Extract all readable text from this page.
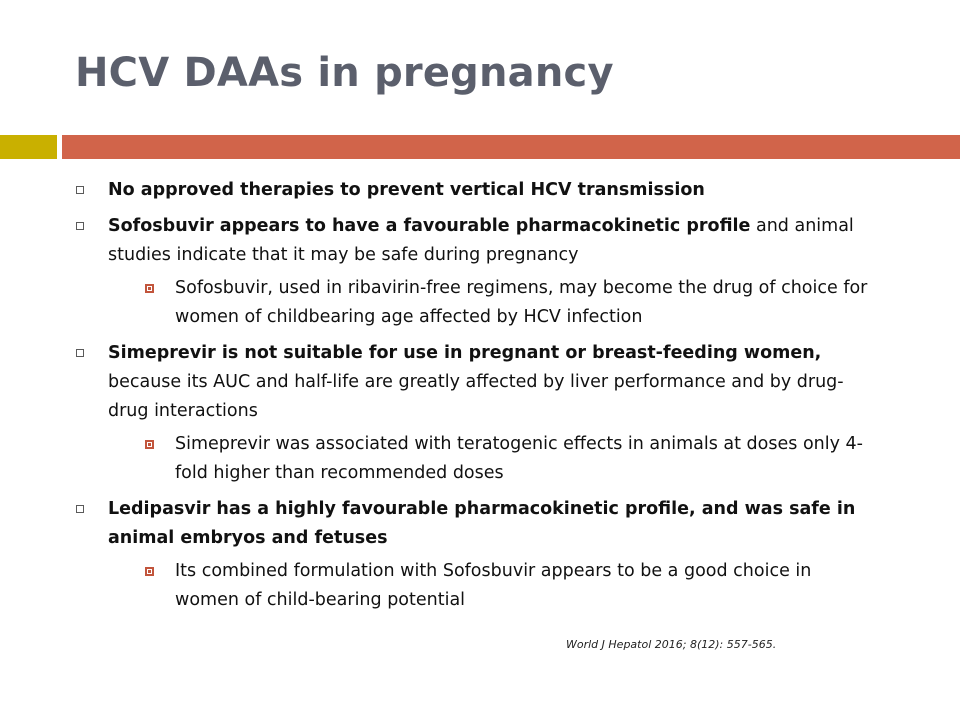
HCV DAAs in pregnancy
No approved therapies to prevent vertical HCV transmission
Sofosbuvir appears to have a favourable pharmacokinetic profile and animal studies indicate that it may be safe during pregnancy
Sofosbuvir, used in ribavirin-free regimens, may become the drug of choice for women of childbearing age affected by HCV infection
Simeprevir is not suitable for use in pregnant or breast-feeding women, because its AUC and half-life are greatly affected by liver performance and by drug-drug interactions
Simeprevir was associated with teratogenic effects in animals at doses only 4-fold higher than recommended doses
Ledipasvir has a highly favourable pharmacokinetic profile, and was safe in animal embryos and fetuses
Its combined formulation with Sofosbuvir appears to be a good choice in women of child-bearing potential
World J Hepatol 2016; 8(12): 557-565.
